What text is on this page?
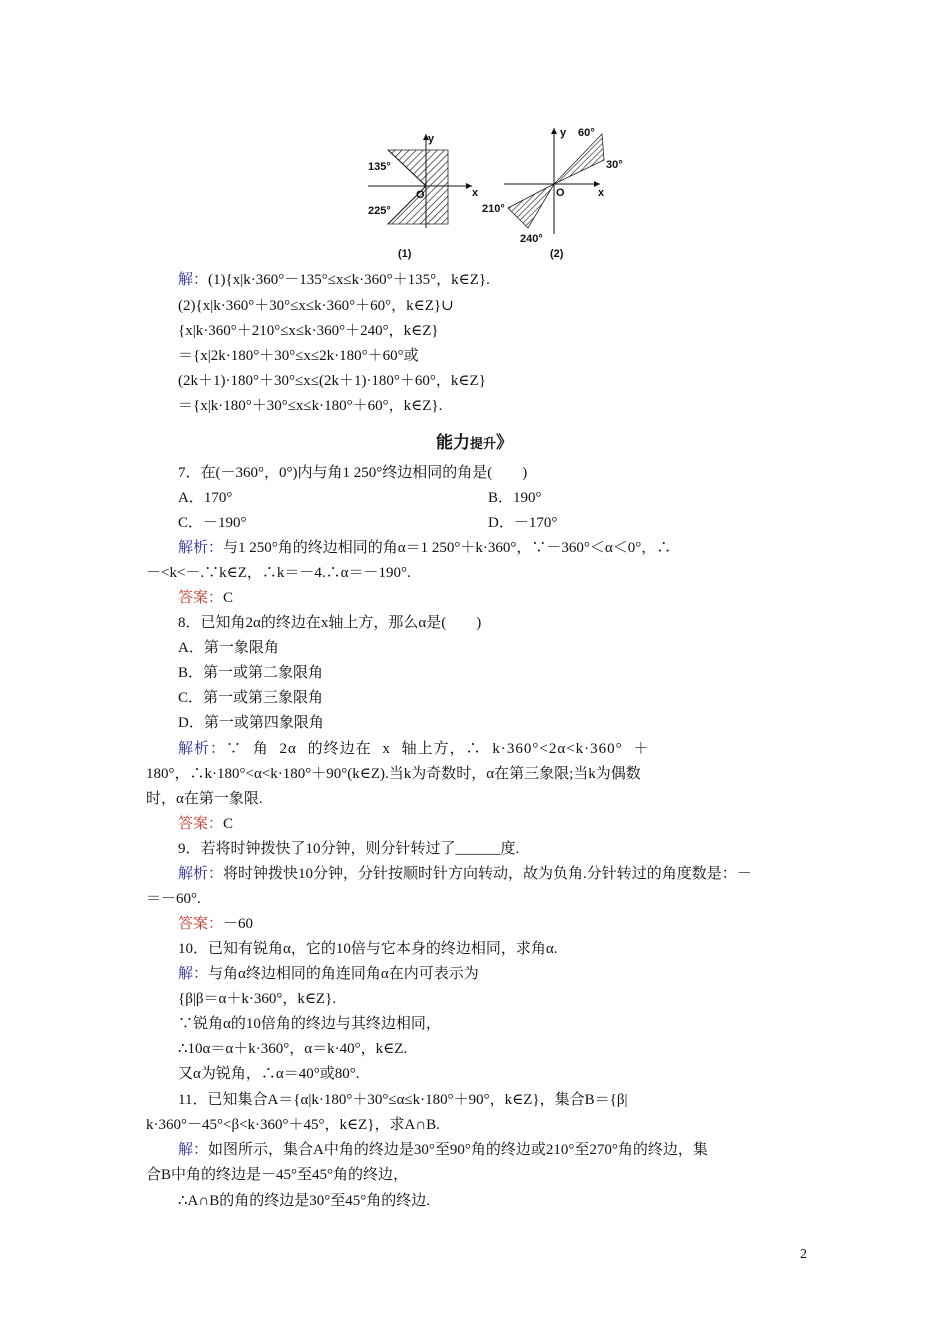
y
x
O
135°
225°
(1)
y
x
O
60°
30°
210°
240°
(2)
解：(1){x|k·360°－135°≤x≤k·360°＋135°，k∈Z}.
(2){x|k·360°＋30°≤x≤k·360°＋60°，k∈Z}∪
{x|k·360°＋210°≤x≤k·360°＋240°，k∈Z}
＝{x|2k·180°＋30°≤x≤2k·180°＋60°或
(2k＋1)·180°＋30°≤x≤(2k＋1)·180°＋60°，k∈Z}
＝{x|k·180°＋30°≤x≤k·180°＋60°，k∈Z}.
能力提升》
7．在(－360°，0°)内与角1 250°终边相同的角是(　　)
A．170°	B．190°
C．－190°	D．－170°
解析：与1 250°角的终边相同的角α＝1 250°＋k·360°，∵－360°＜α＜0°，∴
－<k<－.∵k∈Z，∴k＝－4.∴α＝－190°.
答案：C
8．已知角2α的终边在x轴上方，那么α是(　　)
A．第一象限角
B．第一或第二象限角
C．第一或第三象限角
D．第一或第四象限角
解析：∵ 角 2α 的终边在 x 轴上方，∴ k·360°<2α<k·360° ＋
180°，∴k·180°<α<k·180°＋90°(k∈Z).当k为奇数时，α在第三象限;当k为偶数
时，α在第一象限.
答案：C
9．若将时钟拨快了10分钟，则分针转过了______度.
解析：将时钟拨快10分钟，分针按顺时针方向转动，故为负角.分针转过的角度数是：－
＝－60°.
答案：－60
10．已知有锐角α，它的10倍与它本身的终边相同，求角α.
解：与角α终边相同的角连同角α在内可表示为
{β|β＝α＋k·360°，k∈Z}.
∵锐角α的10倍角的终边与其终边相同，
∴10α＝α＋k·360°，α＝k·40°，k∈Z.
又α为锐角，∴α＝40°或80°.
11．已知集合A＝{α|k·180°＋30°≤α≤k·180°＋90°，k∈Z}，集合B＝{β|
k·360°－45°<β<k·360°＋45°，k∈Z}，求A∩B.
解：如图所示，集合A中角的终边是30°至90°角的终边或210°至270°角的终边，集
合B中角的终边是－45°至45°角的终边，
∴A∩B的角的终边是30°至45°角的终边.
2
